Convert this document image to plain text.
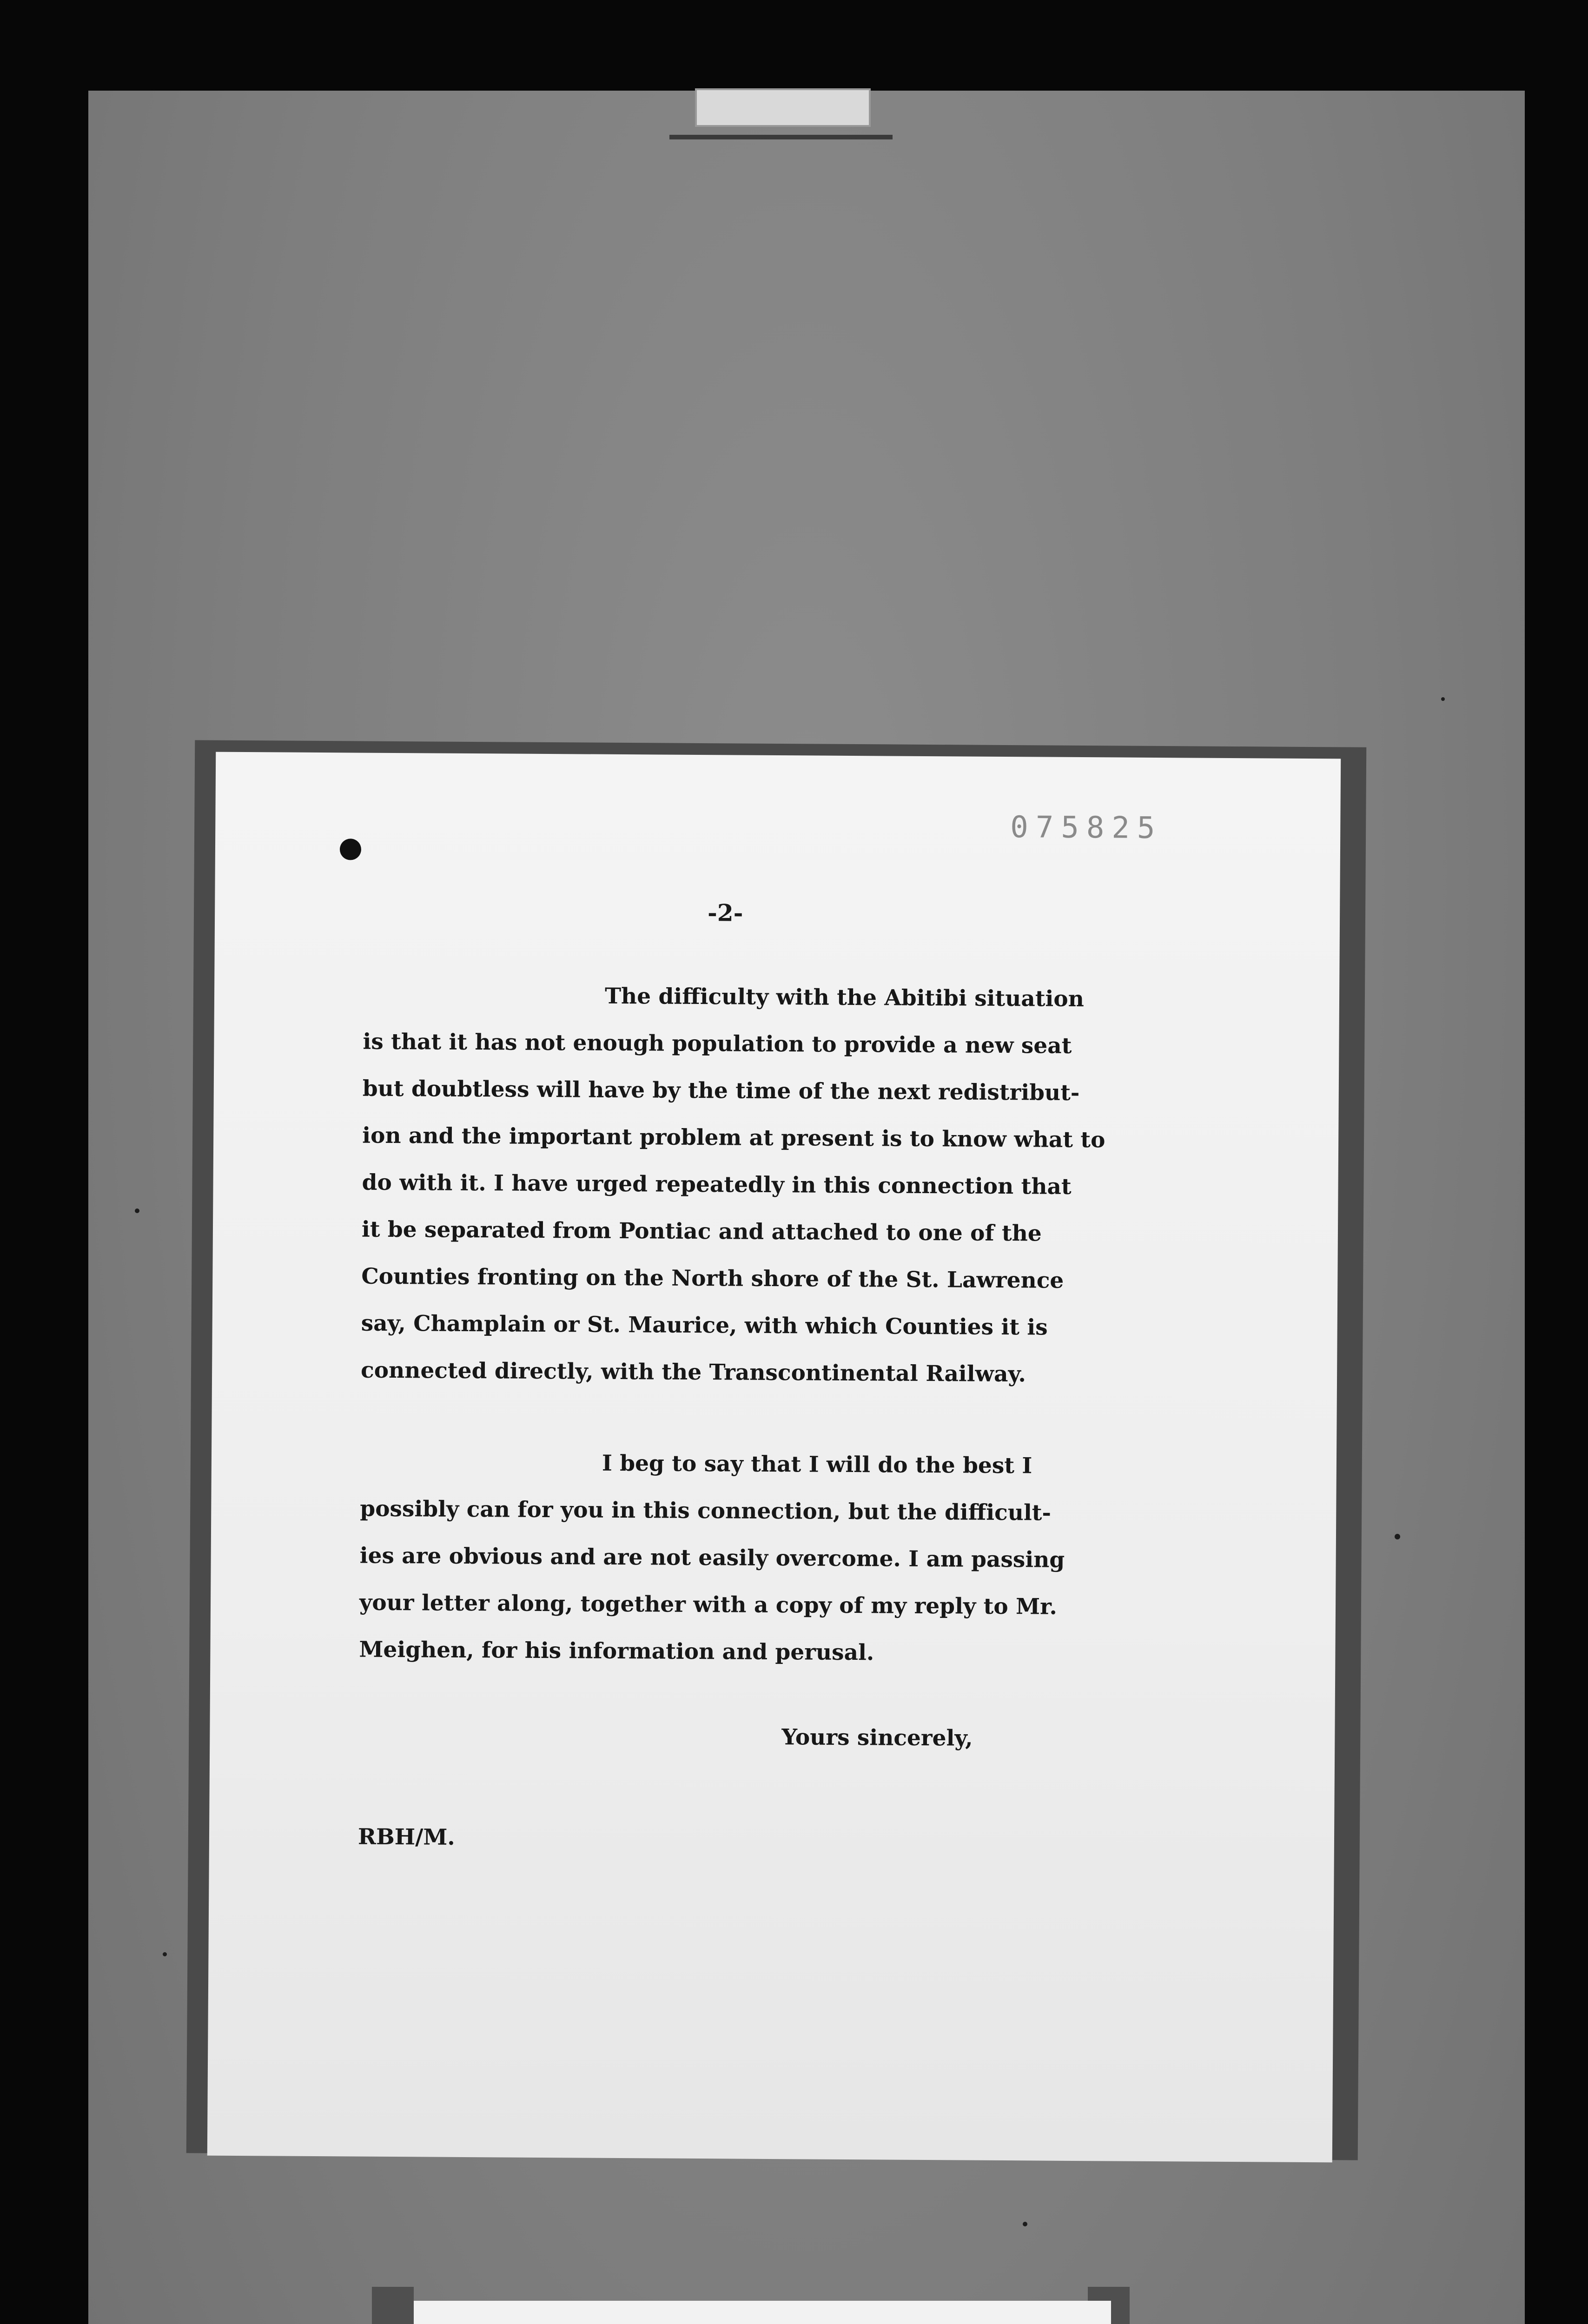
075825
-2-

The difficulty with the Abitibi situation
is that it has not enough population to provide a new seat
but doubtless will have by the time of the next redistribut-
ion and the important problem at present is to know what to
do with it. I have urged repeatedly in this connection that
it be separated from Pontiac and attached to one of the
Counties fronting on the North shore of the St. Lawrence
say, Champlain or St. Maurice, with which Counties it is
connected directly, with the Transcontinental Railway.

I beg to say that I will do the best I
possibly can for you in this connection, but the difficult-
ies are obvious and are not easily overcome. I am passing
your letter along, together with a copy of my reply to Mr.
Meighen, for his information and perusal.

Yours sincerely,
RBH/M.
